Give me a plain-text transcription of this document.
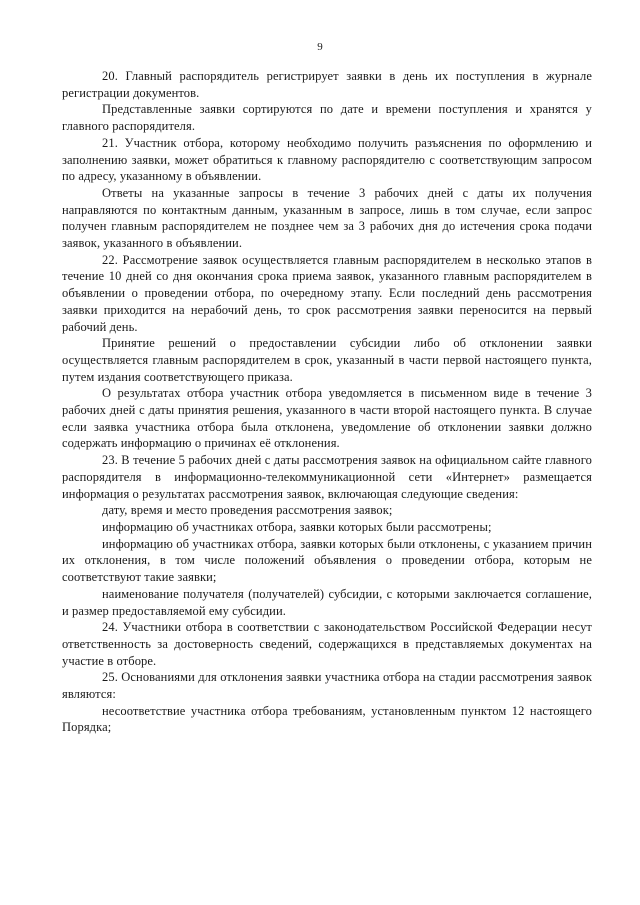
9

20. Главный распорядитель регистрирует заявки в день их поступления в журнале регистрации документов.

Представленные заявки сортируются по дате и времени поступления и хранятся у главного распорядителя.

21. Участник отбора, которому необходимо получить разъяснения по оформлению и заполнению заявки, может обратиться к главному распорядителю с соответствующим запросом по адресу, указанному в объявлении.

Ответы на указанные запросы в течение 3 рабочих дней с даты их получения направляются по контактным данным, указанным в запросе, лишь в том случае, если запрос получен главным распорядителем не позднее чем за 3 рабочих дня до истечения срока подачи заявок, указанного в объявлении.

22. Рассмотрение заявок осуществляется главным распорядителем в несколько этапов в течение 10 дней со дня окончания срока приема заявок, указанного главным распорядителем в объявлении о проведении отбора, по очередному этапу. Если последний день рассмотрения заявки приходится на нерабочий день, то срок рассмотрения заявки переносится на первый рабочий день.

Принятие решений о предоставлении субсидии либо об отклонении заявки осуществляется главным распорядителем в срок, указанный в части первой настоящего пункта, путем издания соответствующего приказа.

О результатах отбора участник отбора уведомляется в письменном виде в течение 3 рабочих дней с даты принятия решения, указанного в части второй настоящего пункта. В случае если заявка участника отбора была отклонена, уведомление об отклонении заявки должно содержать информацию о причинах её отклонения.

23. В течение 5 рабочих дней с даты рассмотрения заявок на официальном сайте главного распорядителя в информационно-телекоммуникационной сети «Интернет» размещается информация о результатах рассмотрения заявок, включающая следующие сведения:

дату, время и место проведения рассмотрения заявок;

информацию об участниках отбора, заявки которых были рассмотрены;

информацию об участниках отбора, заявки которых были отклонены, с указанием причин их отклонения, в том числе положений объявления о проведении отбора, которым не соответствуют такие заявки;

наименование получателя (получателей) субсидии, с которыми заключается соглашение, и размер предоставляемой ему субсидии.

24. Участники отбора в соответствии с законодательством Российской Федерации несут ответственность за достоверность сведений, содержащихся в представляемых документах на участие в отборе.

25. Основаниями для отклонения заявки участника отбора на стадии рассмотрения заявок являются:

несоответствие участника отбора требованиям, установленным пунктом 12 настоящего Порядка;
